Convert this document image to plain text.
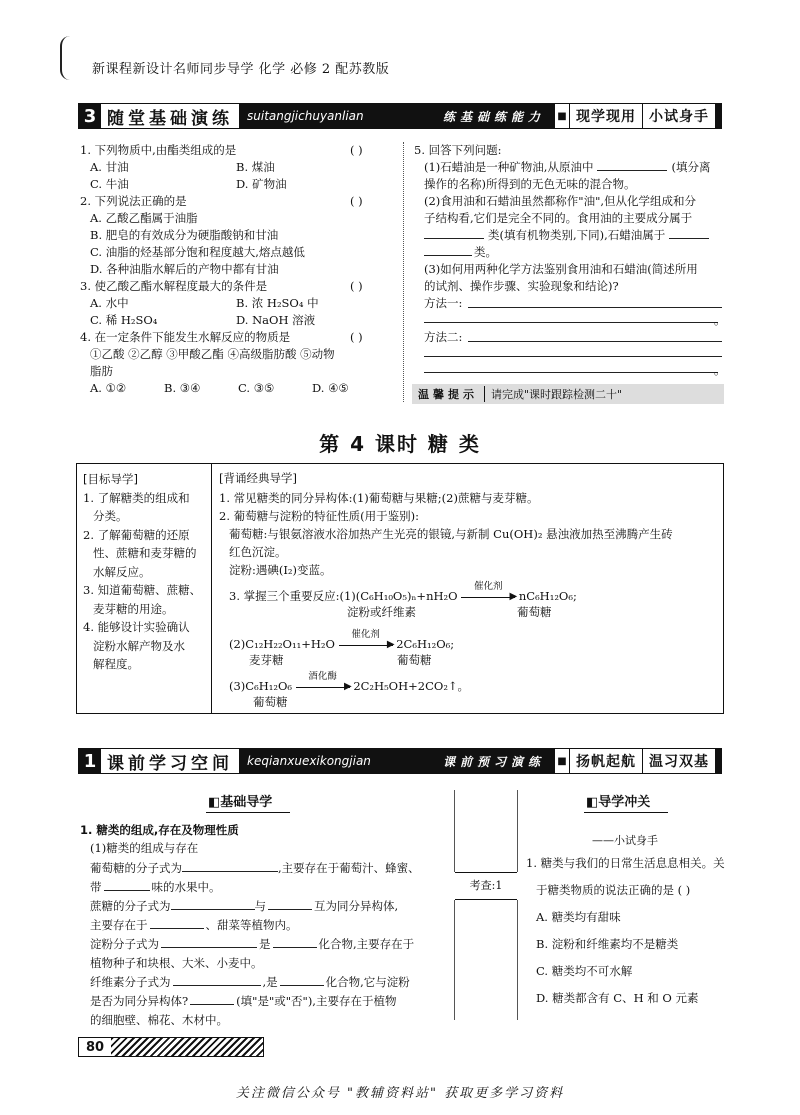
新课程新设计名师同步导学 化学 必修 2 配苏教版
3 随堂基础演练	suitangjichuyanlian	练基础练能力 ■ 现学现用 小试身手
1. 下列物质中,由酯类组成的是	( )
A. 甘油	B. 煤油
C. 牛油	D. 矿物油
2. 下列说法正确的是	( )
A. 乙酸乙酯属于油脂
B. 肥皂的有效成分为硬脂酸钠和甘油
C. 油脂的烃基部分饱和程度越大,熔点越低
D. 各种油脂水解后的产物中都有甘油
3. 使乙酸乙酯水解程度最大的条件是	( )
A. 水中	B. 浓 H₂SO₄ 中
C. 稀 H₂SO₄	D. NaOH 溶液
4. 在一定条件下能发生水解反应的物质是	( )
①乙酸 ②乙醇 ③甲酸乙酯 ④高级脂肪酸 ⑤动物
脂肪
A. ①②	B. ③④	C. ③⑤	D. ④⑤
5. 回答下列问题:
(1)石蜡油是一种矿物油,从原油中	(填分离
操作的名称)所得到的无色无味的混合物。
(2)食用油和石蜡油虽然都称作"油",但从化学组成和分
子结构看,它们是完全不同的。食用油的主要成分属于
类(填有机物类别,下同),石蜡油属于
类。
(3)如何用两种化学方法鉴别食用油和石蜡油(简述所用
的试剂、操作步骤、实验现象和结论)?
方法一:
。
方法二:
。
温馨提示	请完成"课时跟踪检测二十"
第 4 课时 糖 类
[目标导学]
1. 了解糖类的组成和
分类。
2. 了解葡萄糖的还原
性、蔗糖和麦芽糖的
水解反应。
3. 知道葡萄糖、蔗糖、
麦芽糖的用途。
4. 能够设计实验确认
淀粉水解产物及水
解程度。
[背诵经典导学]
1. 常见糖类的同分异构体:(1)葡萄糖与果糖;(2)蔗糖与麦芽糖。
2. 葡萄糖与淀粉的特征性质(用于鉴别):
葡萄糖:与银氨溶液水浴加热产生光亮的银镜,与新制 Cu(OH)₂ 悬浊液加热至沸腾产生砖
红色沉淀。
淀粉:遇碘(I₂)变蓝。
3. 掌握三个重要反应:(1)(C₆H₁₀O₅)ₙ+nH₂O
催化剂
▶ nC₆H₁₂O₆;
淀粉或纤维素	葡萄糖
(2)C₁₂H₂₂O₁₁+H₂O
催化剂
▶ 2C₆H₁₂O₆;
麦芽糖	葡萄糖
(3)C₆H₁₂O₆
酒化酶
▶ 2C₂H₅OH+2CO₂↑。
葡萄糖
1 课前学习空间	keqianxuexikongjian	课前预习演练 ■ 扬帆起航 温习双基
◧基础导学
1. 糖类的组成,存在及物理性质
(1)糖类的组成与存在
葡萄糖的分子式为	,主要存在于葡萄汁、蜂蜜、
带	味的水果中。
蔗糖的分子式为	与	互为同分异构体,
主要存在于	、甜菜等植物内。
淀粉分子式为	是	化合物,主要存在于
植物种子和块根、大米、小麦中。
纤维素分子式为	,是	化合物,它与淀粉
是否为同分异构体?	(填"是"或"否"),主要存在于植物
的细胞壁、棉花、木材中。
考查:1
◧导学冲关
——小试身手
1. 糖类与我们的日常生活息息相关。关
于糖类物质的说法正确的是 ( )
A. 糖类均有甜味
B. 淀粉和纤维素均不是糖类
C. 糖类均不可水解
D. 糖类都含有 C、H 和 O 元素
80
关注微信公众号 "教辅资料站" 获取更多学习资料
